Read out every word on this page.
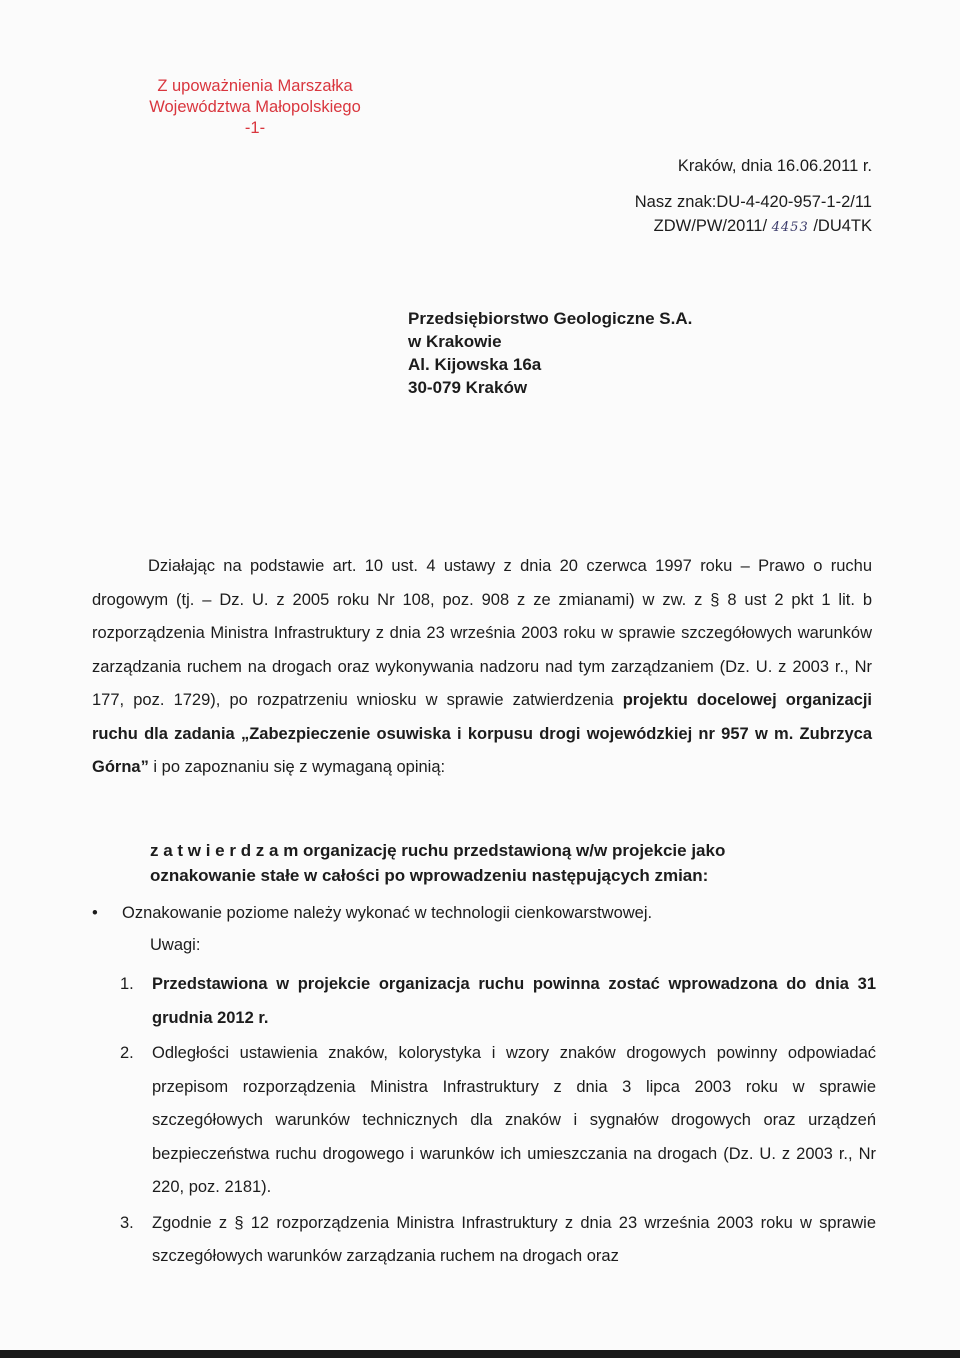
Z upoważnienia Marszałka
Województwa Małopolskiego
-1-
Kraków, dnia 16.06.2011 r.
Nasz znak:DU-4-420-957-1-2/11
ZDW/PW/2011/ 4453 /DU4TK
Przedsiębiorstwo Geologiczne S.A.
w Krakowie
Al. Kijowska 16a
30-079 Kraków

Działając na podstawie art. 10 ust. 4 ustawy z dnia 20 czerwca 1997 roku – Prawo o ruchu drogowym (tj. – Dz. U. z 2005 roku Nr 108, poz. 908 z ze zmianami) w zw. z § 8 ust 2 pkt 1 lit. b rozporządzenia Ministra Infrastruktury z dnia 23 września 2003 roku w sprawie szczegółowych warunków zarządzania ruchem na drogach oraz wykonywania nadzoru nad tym zarządzaniem (Dz. U. z 2003 r., Nr 177, poz. 1729), po rozpatrzeniu wniosku w sprawie zatwierdzenia projektu docelowej organizacji ruchu dla zadania „Zabezpieczenie osuwiska i korpusu drogi wojewódzkiej nr 957 w m. Zubrzyca Górna” i po zapoznaniu się z wymaganą opinią:

z a t w i e r d z a m organizację ruchu przedstawioną w/w projekcie jako oznakowanie stałe w całości po wprowadzeniu następujących zmian:
• Oznakowanie poziome należy wykonać w technologii cienkowarstwowej.
Uwagi:
1.	Przedstawiona w projekcie organizacja ruchu powinna zostać wprowadzona do dnia 31 grudnia 2012 r.
2.	Odległości ustawienia znaków, kolorystyka i wzory znaków drogowych powinny odpowiadać przepisom rozporządzenia Ministra Infrastruktury z dnia 3 lipca 2003 roku w sprawie szczegółowych warunków technicznych dla znaków i sygnałów drogowych oraz urządzeń bezpieczeństwa ruchu drogowego i warunków ich umieszczania na drogach (Dz. U. z 2003 r., Nr 220, poz. 2181).
3.	Zgodnie z § 12 rozporządzenia Ministra Infrastruktury z dnia 23 września 2003 roku w sprawie szczegółowych warunków zarządzania ruchem na drogach oraz
